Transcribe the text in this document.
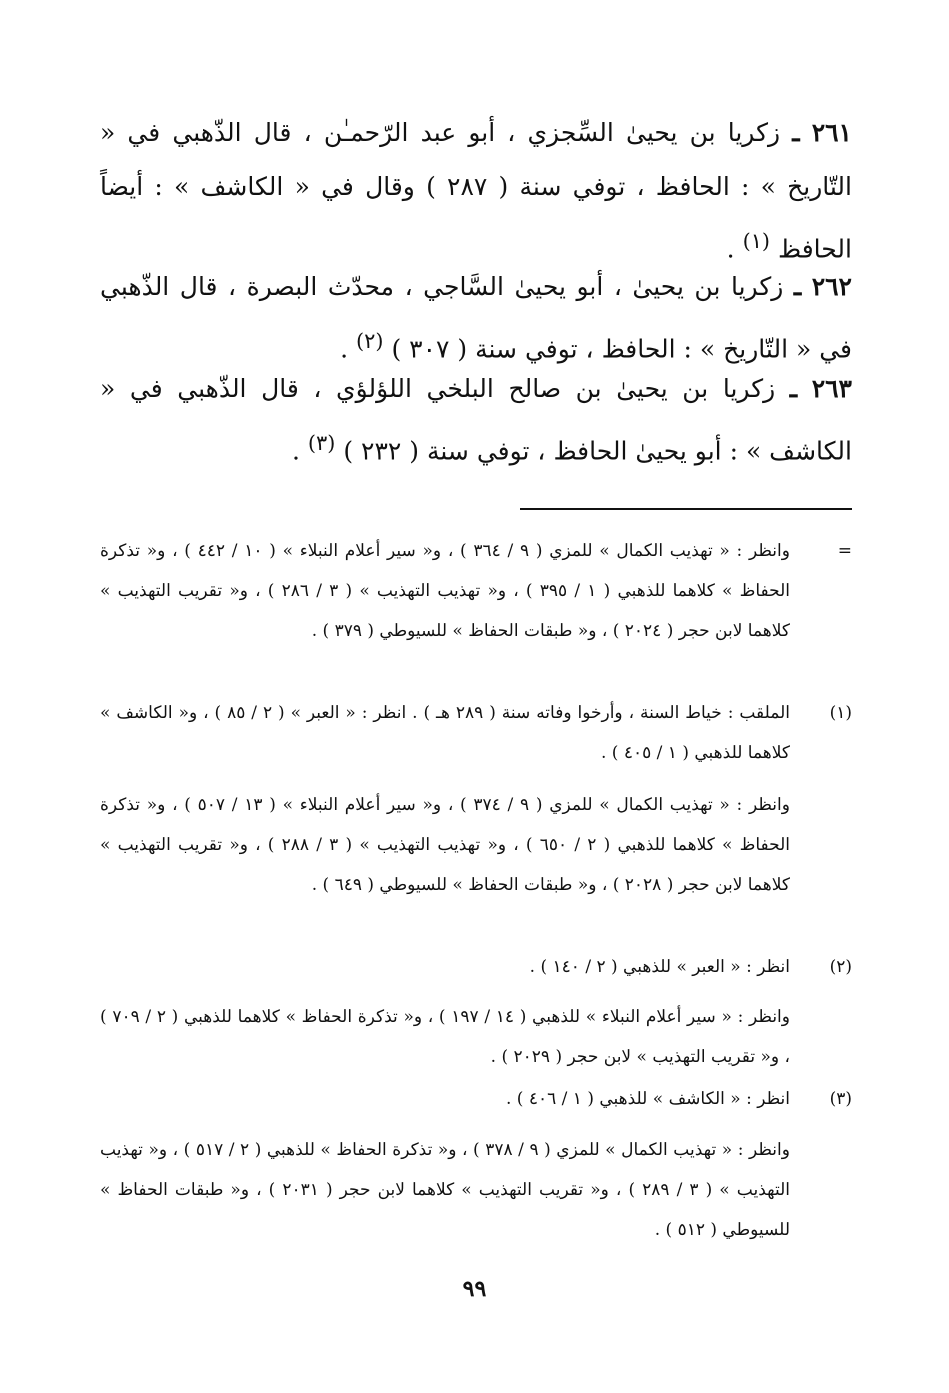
٢٦١ ـ زكريا بن يحيىٰ السِّجزي ، أبو عبد الرّحمـٰن ، قال الذّهبي في « التّاريخ » : الحافظ ، توفي سنة ( ٢٨٧ ) وقال في « الكاشف » : أيضاً الحافظ $^{(١)}$ .
٢٦٢ ـ زكريا بن يحيىٰ ، أبو يحيىٰ السَّاجي ، محدّث البصرة ، قال الذّهبي في « التّاريخ » : الحافظ ، توفي سنة ( ٣٠٧ ) $^{(٢)}$ .
٢٦٣ ـ زكريا بن يحيىٰ بن صالح البلخي اللؤلؤي ، قال الذّهبي في « الكاشف » : أبو يحيىٰ الحافظ ، توفي سنة ( ٢٣٢ ) $^{(٣)}$ .
=
وانظر : « تهذيب الكمال » للمزي ( ٩ / ٣٦٤ ) ، و« سير أعلام النبلاء » ( ١٠ / ٤٤٢ ) ، و« تذكرة الحفاظ » كلاهما للذهبي ( ١ / ٣٩٥ ) ، و« تهذيب التهذيب » ( ٣ / ٢٨٦ ) ، و« تقريب التهذيب » كلاهما لابن حجر ( ٢٠٢٤ ) ، و« طبقات الحفاظ » للسيوطي ( ٣٧٩ ) .
(١)
الملقب : خياط السنة ، وأرخوا وفاته سنة ( ٢٨٩ هـ ) . انظر : « العبر » ( ٢ / ٨٥ ) ، و« الكاشف » كلاهما للذهبي ( ١ / ٤٠٥ ) .
وانظر : « تهذيب الكمال » للمزي ( ٩ / ٣٧٤ ) ، و« سير أعلام النبلاء » ( ١٣ / ٥٠٧ ) ، و« تذكرة الحفاظ » كلاهما للذهبي ( ٢ / ٦٥٠ ) ، و« تهذيب التهذيب » ( ٣ / ٢٨٨ ) ، و« تقريب التهذيب » كلاهما لابن حجر ( ٢٠٢٨ ) ، و« طبقات الحفاظ » للسيوطي ( ٦٤٩ ) .
(٢)
انظر : « العبر » للذهبي ( ٢ / ١٤٠ ) .
وانظر : « سير أعلام النبلاء » للذهبي ( ١٤ / ١٩٧ ) ، و« تذكرة الحفاظ » كلاهما للذهبي ( ٢ / ٧٠٩ ) ، و« تقريب التهذيب » لابن حجر ( ٢٠٢٩ ) .
(٣)
انظر : « الكاشف » للذهبي ( ١ / ٤٠٦ ) .
وانظر : « تهذيب الكمال » للمزي ( ٩ / ٣٧٨ ) ، و« تذكرة الحفاظ » للذهبي ( ٢ / ٥١٧ ) ، و« تهذيب التهذيب » ( ٣ / ٢٨٩ ) ، و« تقريب التهذيب » كلاهما لابن حجر ( ٢٠٣١ ) ، و« طبقات الحفاظ » للسيوطي ( ٥١٢ ) .
٩٩
